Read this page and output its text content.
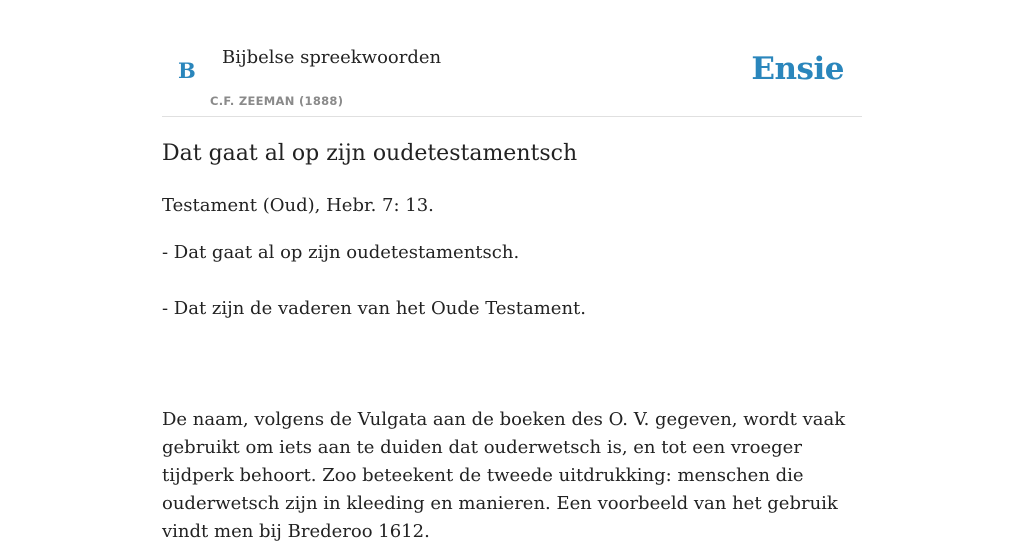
B
Bijbelse spreekwoorden
C.F. ZEEMAN (1888)
Ensie
Dat gaat al op zijn oudetestamentsch

Testament (Oud), Hebr. 7: 13.

- Dat gaat al op zijn oudetestamentsch.

- Dat zijn de vaderen van het Oude Testament.

De naam, volgens de Vulgata aan de boeken des O. V. gegeven, wordt vaak gebruikt om iets aan te duiden dat ouderwetsch is, en tot een vroeger tijdperk behoort. Zoo beteekent de tweede uitdrukking: menschen die ouderwetsch zijn in kleeding en manieren. Een voorbeeld van het gebruik vindt men bij Brederoo 1612.
